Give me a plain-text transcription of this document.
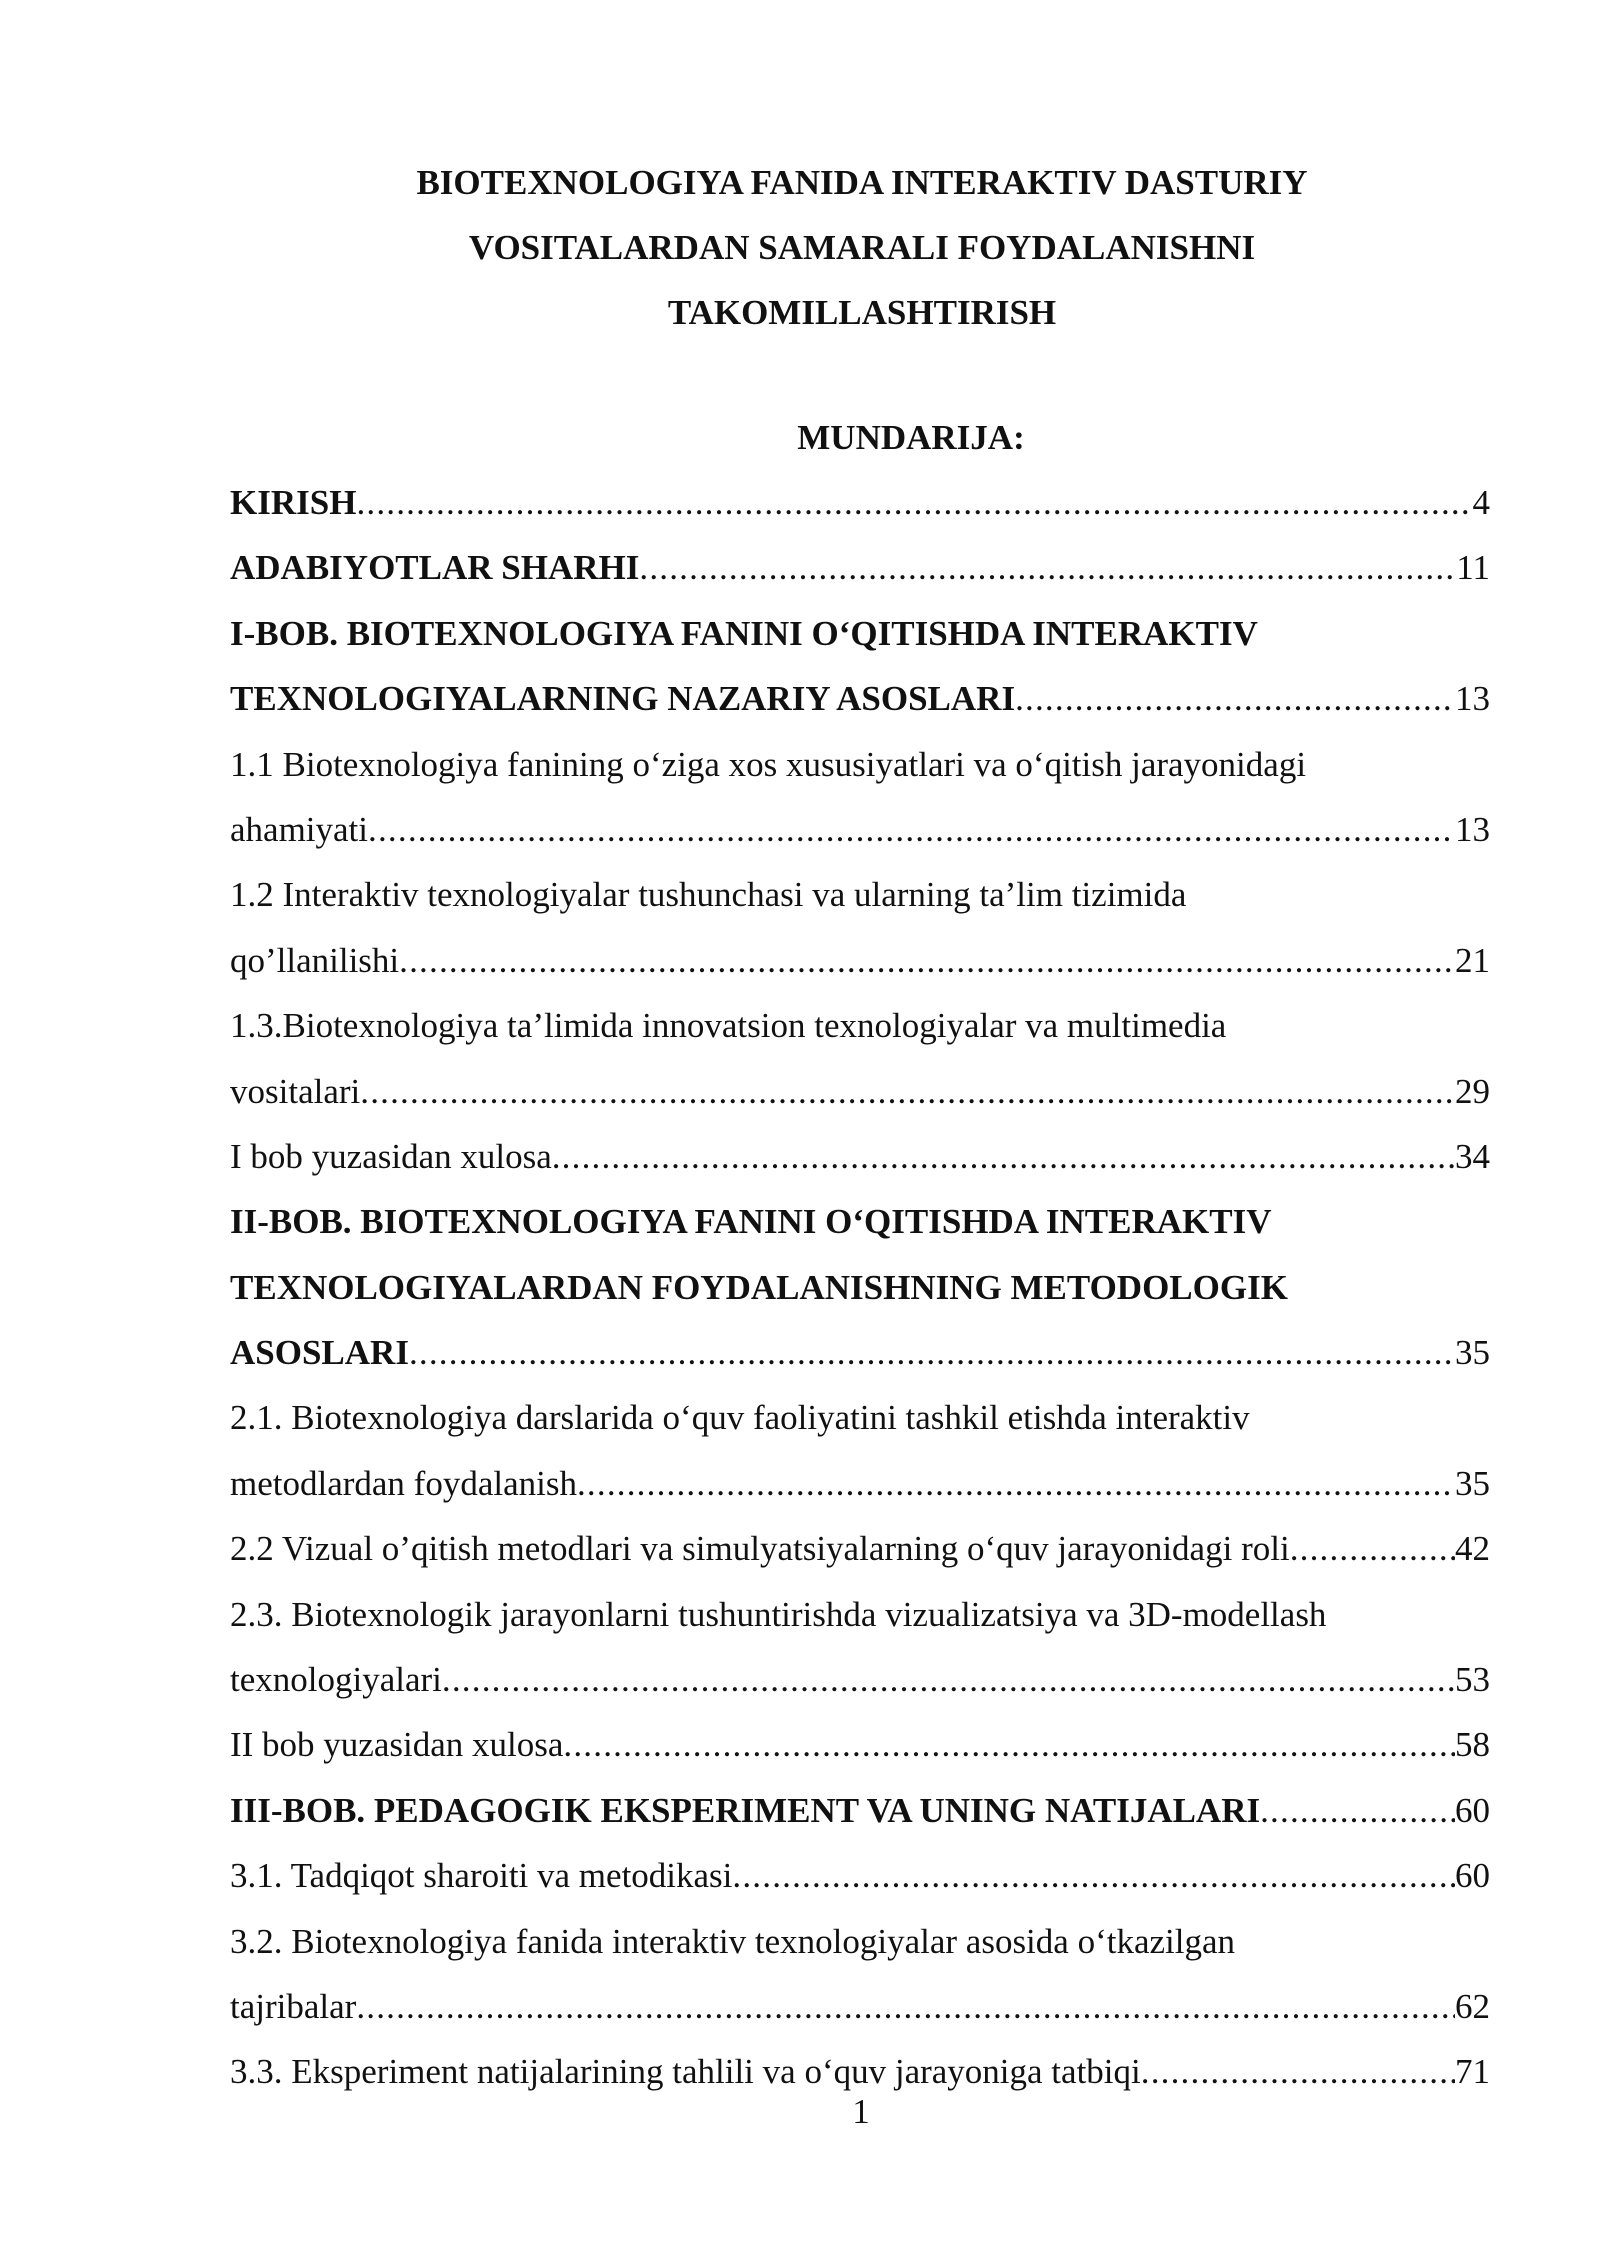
BIOTEXNOLOGIYA FANIDA INTERAKTIV DASTURIY
VOSITALARDAN SAMARALI FOYDALANISHNI
TAKOMILLASHTIRISH
MUNDARIJA:
KIRISH .....	4
ADABIYOTLAR SHARHI .....	11
I-BOB. BIOTEXNOLOGIYA FANINI O‘QITISHDA INTERAKTIV
TEXNOLOGIYALARNING NAZARIY ASOSLARI .....	13
1.1 Biotexnologiya fanining o‘ziga xos xususiyatlari va o‘qitish jarayonidagi
ahamiyati .....	13
1.2 Interaktiv texnologiyalar tushunchasi va ularning ta’lim tizimida
qo’llanilishi .....	21
1.3.Biotexnologiya ta’limida innovatsion texnologiyalar va multimedia
vositalari .....	29
I bob yuzasidan xulosa .....	34
II-BOB. BIOTEXNOLOGIYA FANINI O‘QITISHDA INTERAKTIV
TEXNOLOGIYALARDAN FOYDALANISHNING METODOLOGIK
ASOSLARI .....	35
2.1. Biotexnologiya darslarida o‘quv faoliyatini tashkil etishda interaktiv
metodlardan foydalanish .....	35
2.2 Vizual o’qitish metodlari va simulyatsiyalarning o‘quv jarayonidagi roli .....	42
2.3. Biotexnologik jarayonlarni tushuntirishda vizualizatsiya va 3D-modellash
texnologiyalari .....	53
II bob yuzasidan xulosa .....	58
III-BOB. PEDAGOGIK EKSPERIMENT VA UNING NATIJALARI .....	60
3.1. Tadqiqot sharoiti va metodikasi .....	60
3.2. Biotexnologiya fanida interaktiv texnologiyalar asosida o‘tkazilgan
tajribalar .....	62
3.3. Eksperiment natijalarining tahlili va o‘quv jarayoniga tatbiqi .....	71
1
